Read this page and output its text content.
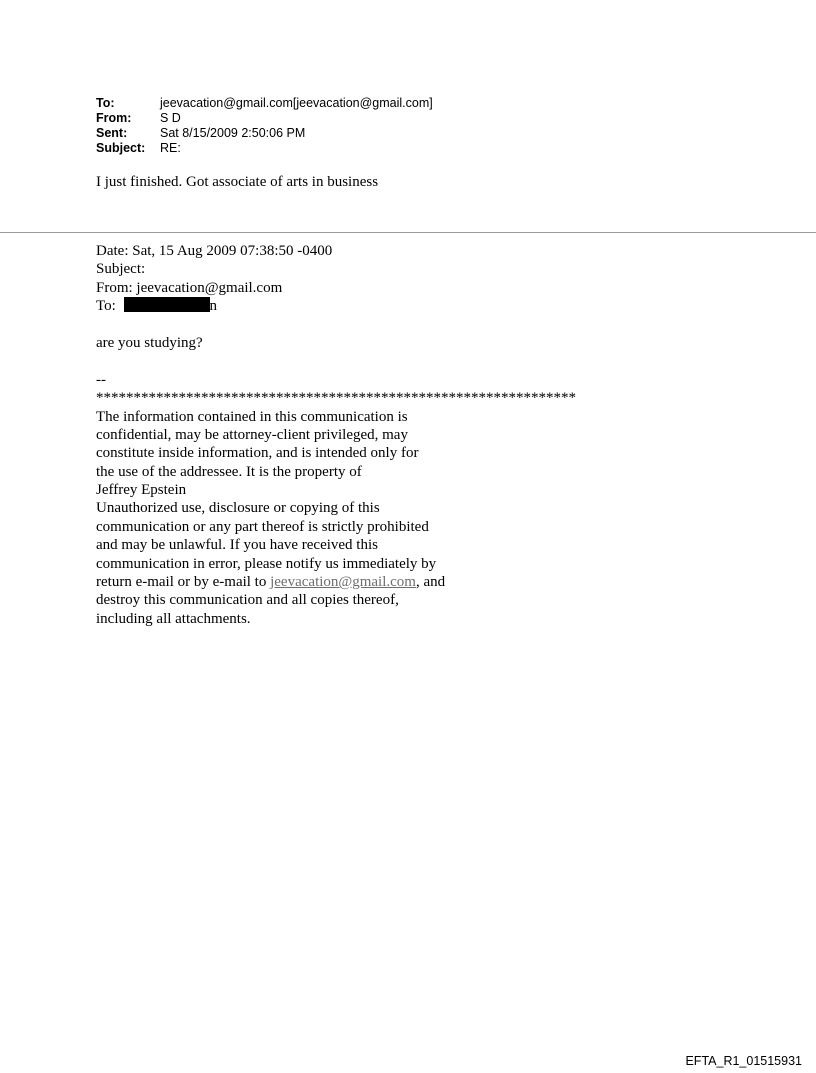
To:	jeevacation@gmail.com[jeevacation@gmail.com]
From:	S D
Sent:	Sat 8/15/2009 2:50:06 PM
Subject:	RE:
I just finished. Got associate of arts in business
Date: Sat, 15 Aug 2009 07:38:50 -0400
Subject:
From: jeevacation@gmail.com
To:	n
are you studying?
--
****************************************************************
The information contained in this communication is
confidential, may be attorney-client privileged, may
constitute inside information, and is intended only for
the use of the addressee. It is the property of
Jeffrey Epstein
Unauthorized use, disclosure or copying of this
communication or any part thereof is strictly prohibited
and may be unlawful. If you have received this
communication in error, please notify us immediately by
return e-mail or by e-mail to jeevacation@gmail.com, and
destroy this communication and all copies thereof,
including all attachments.
EFTA_R1_01515931
